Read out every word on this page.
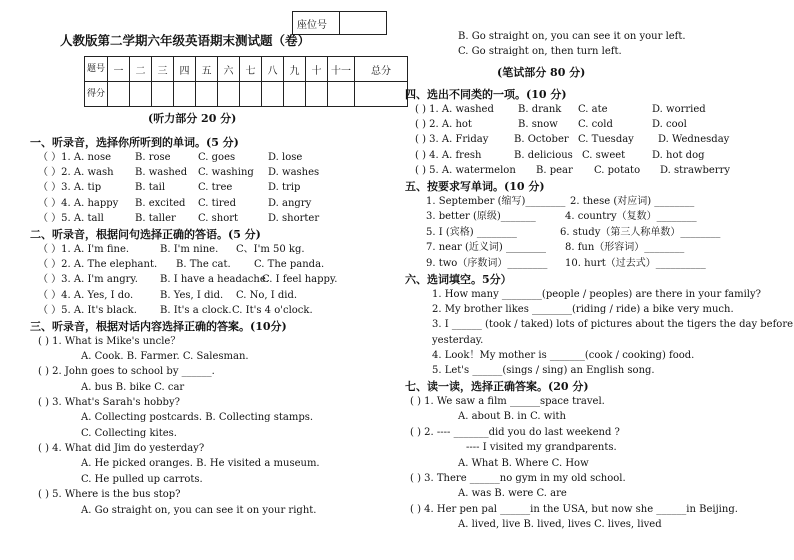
座位号	
人教版第二学期六年级英语期末测试题（卷）
题号	一	二	三	四	五	六	七	八	九	十	十一	总分
得分												
(听力部分 20 分)
一、听录音，选择你所听到的单词。(5 分)
（ ）1. A. nose B. rose	C. goes	D. lose
（ ）2. A. wash B. washed C. washing D. washes
（ ）3. A. tip	B. tail	C. tree	D. trip
（ ）4. A. happy B. excited C. tired	D. angry
（ ）5. A. tall	B. taller C. short	D. shorter
二、听录音，根据问句选择正确的答语。(5 分)
（ ）1. A. I'm fine.	B. I'm nine. C、I'm 50 kg.
（ ）2. A. The elephant. B. The cat. C. The panda.
（ ）3. A. I'm angry. B. I have a headache.
C. I feel happy.
（ ）4. A. Yes, I do.	B. Yes, I did. C. No, I did.
（ ）5. A. It's black. B. It's a clock. C. It's 4 o'clock.
三、听录音，根据对话内容选择正确的答案。(10分)
( ) 1. What is Mike's uncle？
A. Cook. B. Farmer. C. Salesman.
( ) 2. John goes to school by ______.
A. bus B. bike C. car
( ) 3. What's Sarah's hobby?
A. Collecting postcards. B. Collecting stamps.
C. Collecting kites.
( ) 4. What did Jim do yesterday?
A. He picked oranges. B. He visited a museum.
C. He pulled up carrots.
( ) 5. Where is the bus stop?
A. Go straight on, you can see it on your right.
B. Go straight on, you can see it on your left.
C. Go straight on, then turn left.
(笔试部分 80 分)
四、选出不同类的一项。(10 分)
( ) 1. A. washed B. drank C. ate	D. worried
( ) 2. A. hot	B. snow C. cold	D. cool
( ) 3. A. Friday	B. October C. Tuesday D. Wednesday
( ) 4. A. fresh	B. delicious C. sweet	D. hot dog
( ) 5. A. watermelon B. pear C. potato D. strawberry
五、按要求写单词。(10 分)
1. September (缩写)________ 2. these (对应词) ________
3. better (原级)_______	4. country（复数）________
5. I (宾格) ________	6. study（第三人称单数）________
7. near (近义词) ________ 8. fun（形容词）________
9. two（序数词）________ 10. hurt（过去式）__________
六、选词填空。5分）
1. How many ________(people / peoples) are there in your family?
2. My brother likes ________(riding / ride) a bike very much.
3. I ______ (took / taked) lots of pictures about the tigers the day before
yesterday.
4. Look！My mother is _______(cook / cooking) food.
5. Let's ______(sings / sing) an English song.
七、读一读，选择正确答案。(20 分)
( ) 1. We saw a film ______space travel.
A. about B. in C. with
( ) 2. ---- _______did you do last weekend ?
---- I visited my grandparents.
A. What B. Where C. How
( ) 3. There ______no gym in my old school.
A. was B. were C. are
( ) 4. Her pen pal ______in the USA, but now she ______in Beijing.
A. lived, live B. lived, lives C. lives, lived
